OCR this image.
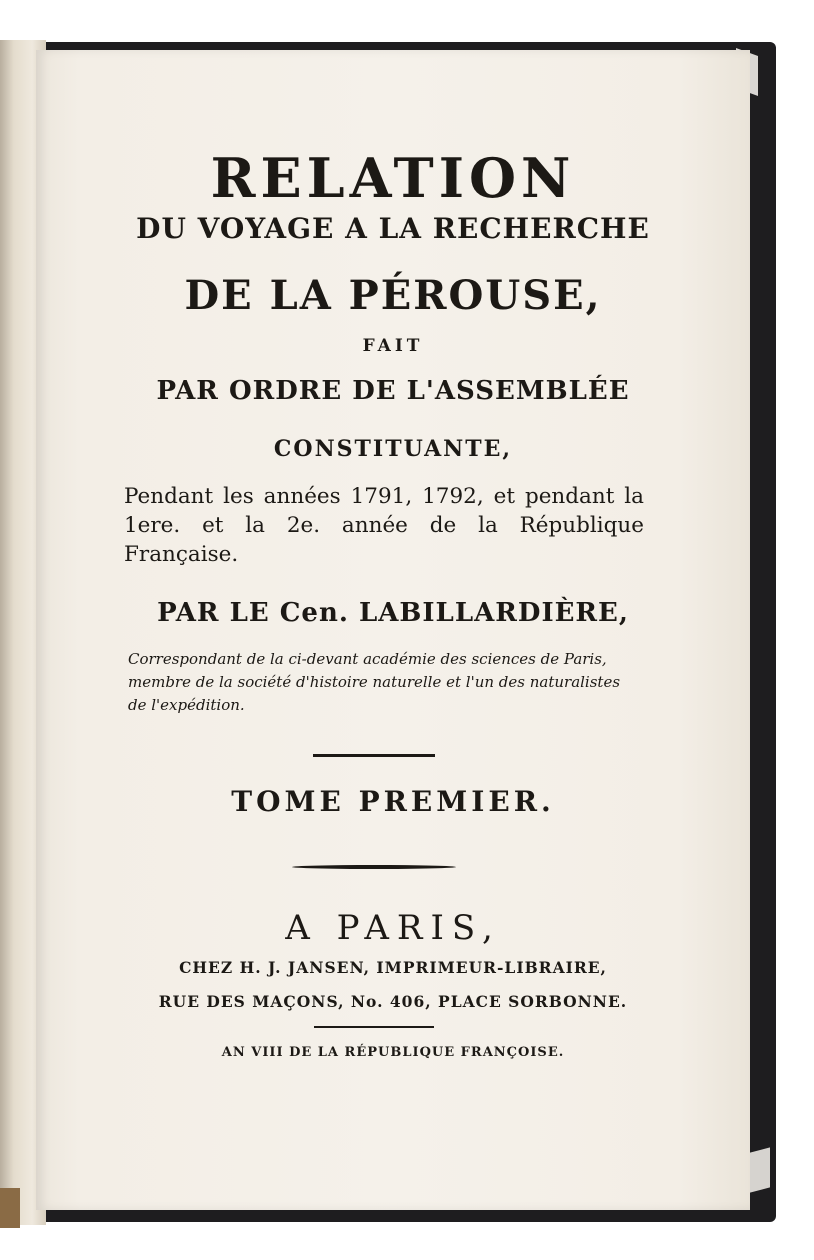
RELATION
DU VOYAGE A LA RECHERCHE
DE LA PÉROUSE,
FAIT
PAR ORDRE DE L'ASSEMBLÉE
CONSTITUANTE,
Pendant les années 1791, 1792, et pendant la 1ere. et la 2e. année de la République Française.
PAR LE Cen. LABILLARDIÈRE,
Correspondant de la ci-devant académie des sciences de Paris, membre de la société d'histoire naturelle et l'un des naturalistes de l'expédition.
TOME PREMIER.
A PARIS,
CHEZ H. J. JANSEN, IMPRIMEUR-LIBRAIRE,
RUE DES MAÇONS, No. 406, PLACE SORBONNE.
AN VIII DE LA RÉPUBLIQUE FRANÇOISE.
